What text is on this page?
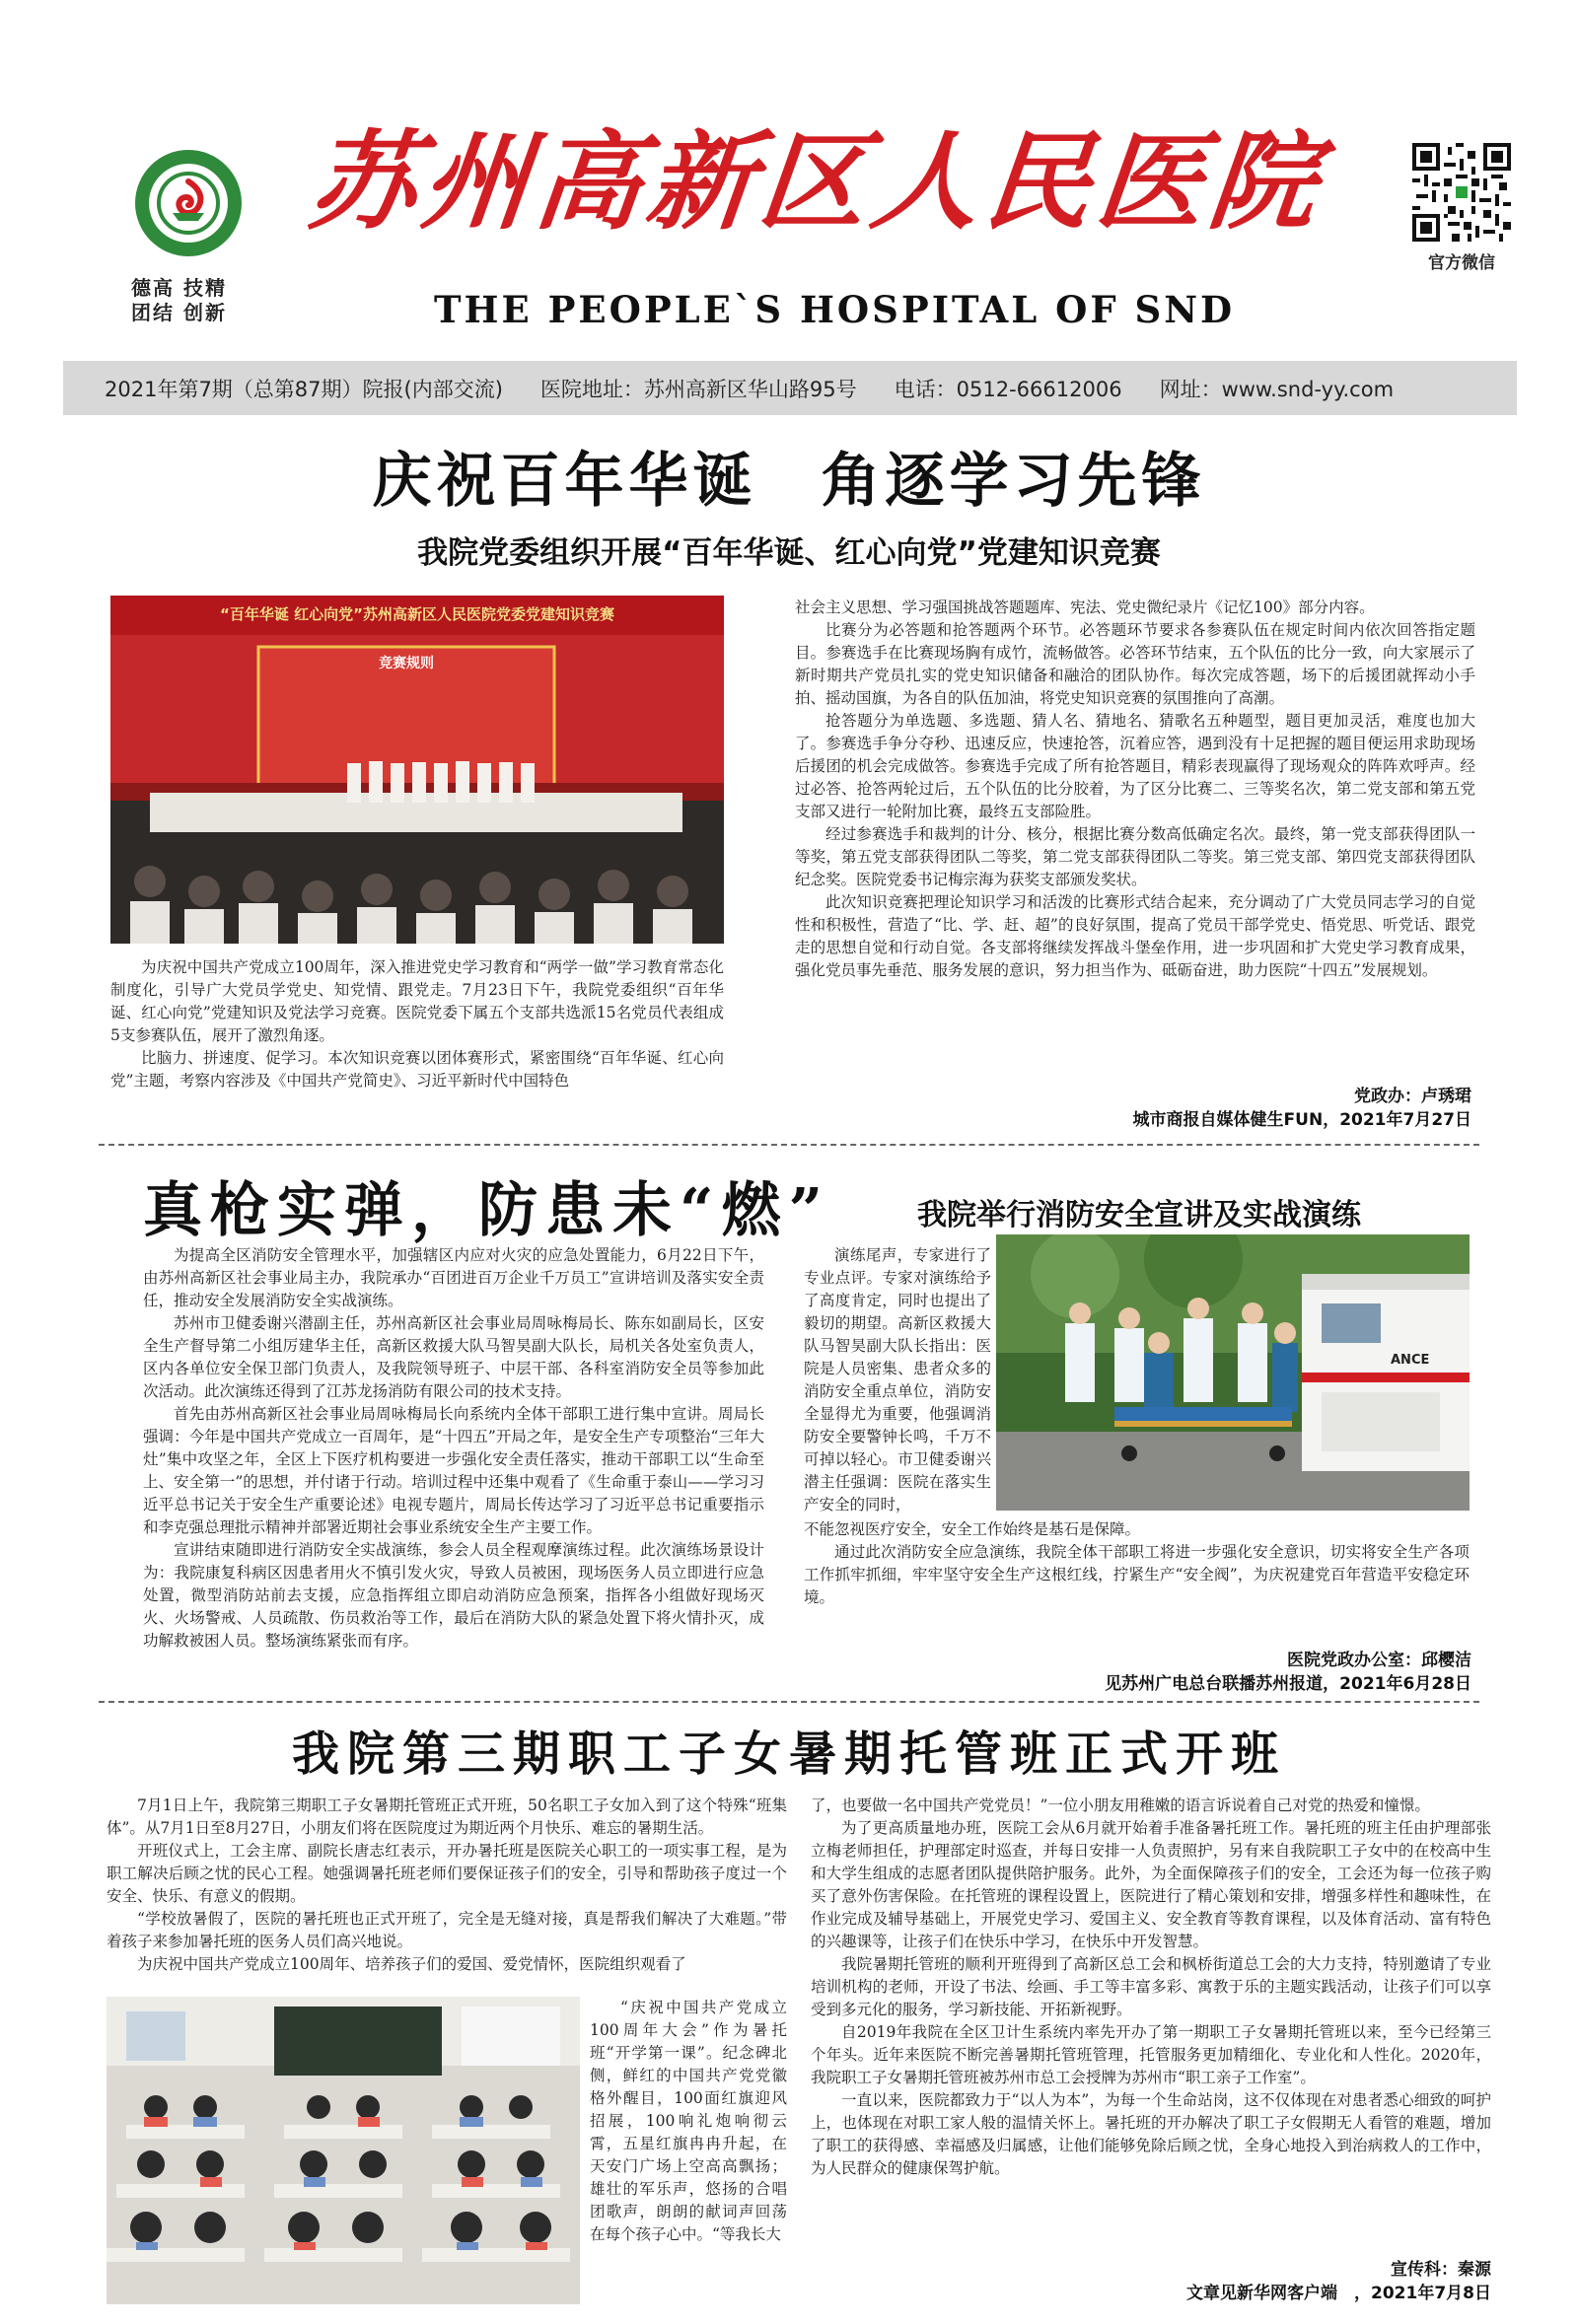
德高 技精
团结 创新
苏州高新区人民医院
THE PEOPLE`S HOSPITAL OF SND
官方微信
2021年第7期（总第87期）院报(内部交流) 医院地址：苏州高新区华山路95号 电话：0512-66612006 网址：www.snd-yy.com
庆祝百年华诞　角逐学习先锋
我院党委组织开展“百年华诞、红心向党”党建知识竞赛
“百年华诞 红心向党”苏州高新区人民医院党委党建知识竞赛
竞赛规则

为庆祝中国共产党成立100周年，深入推进党史学习教育和“两学一做”学习教育常态化制度化，引导广大党员学党史、知党情、跟党走。7月23日下午，我院党委组织“百年华诞、红心向党”党建知识及党法学习竞赛。医院党委下属五个支部共选派15名党员代表组成5支参赛队伍，展开了激烈角逐。

比脑力、拼速度、促学习。本次知识竞赛以团体赛形式，紧密围绕“百年华诞、红心向党”主题，考察内容涉及《中国共产党简史》、习近平新时代中国特色

社会主义思想、学习强国挑战答题题库、宪法、党史微纪录片《记忆100》部分内容。

比赛分为必答题和抢答题两个环节。必答题环节要求各参赛队伍在规定时间内依次回答指定题目。参赛选手在比赛现场胸有成竹，流畅做答。必答环节结束，五个队伍的比分一致，向大家展示了新时期共产党员扎实的党史知识储备和融洽的团队协作。每次完成答题，场下的后援团就挥动小手拍、摇动国旗，为各自的队伍加油，将党史知识竞赛的氛围推向了高潮。

抢答题分为单选题、多选题、猜人名、猜地名、猜歌名五种题型，题目更加灵活，难度也加大了。参赛选手争分夺秒、迅速反应，快速抢答，沉着应答，遇到没有十足把握的题目便运用求助现场后援团的机会完成做答。参赛选手完成了所有抢答题目，精彩表现赢得了现场观众的阵阵欢呼声。经过必答、抢答两轮过后，五个队伍的比分胶着，为了区分比赛二、三等奖名次，第二党支部和第五党支部又进行一轮附加比赛，最终五支部险胜。

经过参赛选手和裁判的计分、核分，根据比赛分数高低确定名次。最终，第一党支部获得团队一等奖，第五党支部获得团队二等奖，第二党支部获得团队二等奖。第三党支部、第四党支部获得团队纪念奖。医院党委书记梅宗海为获奖支部颁发奖状。

此次知识竞赛把理论知识学习和活泼的比赛形式结合起来，充分调动了广大党员同志学习的自觉性和积极性，营造了“比、学、赶、超”的良好氛围，提高了党员干部学党史、悟党思、听党话、跟党走的思想自觉和行动自觉。各支部将继续发挥战斗堡垒作用，进一步巩固和扩大党史学习教育成果，强化党员事先垂范、服务发展的意识，努力担当作为、砥砺奋进，助力医院“十四五”发展规划。

党政办：卢琇珺
城市商报自媒体健生FUN，2021年7月27日
真枪实弹，防患未“燃”	我院举行消防安全宣讲及实战演练

为提高全区消防安全管理水平，加强辖区内应对火灾的应急处置能力，6月22日下午，由苏州高新区社会事业局主办，我院承办“百团进百万企业千万员工”宣讲培训及落实安全责任，推动安全发展消防安全实战演练。

苏州市卫健委谢兴潜副主任，苏州高新区社会事业局周咏梅局长、陈东如副局长，区安全生产督导第二小组厉建华主任，高新区救援大队马智昊副大队长，局机关各处室负责人，区内各单位安全保卫部门负责人，及我院领导班子、中层干部、各科室消防安全员等参加此次活动。此次演练还得到了江苏龙扬消防有限公司的技术支持。

首先由苏州高新区社会事业局周咏梅局长向系统内全体干部职工进行集中宣讲。周局长强调：今年是中国共产党成立一百周年，是“十四五”开局之年，是安全生产专项整治“三年大灶”集中攻坚之年，全区上下医疗机构要进一步强化安全责任落实，推动干部职工以“生命至上、安全第一”的思想，并付诸于行动。培训过程中还集中观看了《生命重于泰山——学习习近平总书记关于安全生产重要论述》电视专题片，周局长传达学习了习近平总书记重要指示和李克强总理批示精神并部署近期社会事业系统安全生产主要工作。

宣讲结束随即进行消防安全实战演练，参会人员全程观摩演练过程。此次演练场景设计为：我院康复科病区因患者用火不慎引发火灾，导致人员被困，现场医务人员立即进行应急处置，微型消防站前去支援，应急指挥组立即启动消防应急预案，指挥各小组做好现场灭火、火场警戒、人员疏散、伤员救治等工作，最后在消防大队的紧急处置下将火情扑灭，成功解救被困人员。整场演练紧张而有序。

演练尾声，专家进行了专业点评。专家对演练给予了高度肯定，同时也提出了毅切的期望。高新区救援大队马智昊副大队长指出：医院是人员密集、患者众多的消防安全重点单位，消防安全显得尤为重要，他强调消防安全要警钟长鸣，千万不可掉以轻心。市卫健委谢兴潜主任强调：医院在落实生产安全的同时，

ANCE

不能忽视医疗安全，安全工作始终是基石是保障。

通过此次消防安全应急演练，我院全体干部职工将进一步强化安全意识，切实将安全生产各项工作抓牢抓细，牢牢坚守安全生产这根红线，拧紧生产“安全阀”，为庆祝建党百年营造平安稳定环境。

医院党政办公室：邱樱洁
见苏州广电总台联播苏州报道，2021年6月28日
我院第三期职工子女暑期托管班正式开班

7月1日上午，我院第三期职工子女暑期托管班正式开班，50名职工子女加入到了这个特殊“班集体”。从7月1日至8月27日，小朋友们将在医院度过为期近两个月快乐、难忘的暑期生活。

开班仪式上，工会主席、副院长唐志红表示，开办暑托班是医院关心职工的一项实事工程，是为职工解决后顾之忧的民心工程。她强调暑托班老师们要保证孩子们的安全，引导和帮助孩子度过一个安全、快乐、有意义的假期。

“学校放暑假了，医院的暑托班也正式开班了，完全是无缝对接，真是帮我们解决了大难题。”带着孩子来参加暑托班的医务人员们高兴地说。

为庆祝中国共产党成立100周年、培养孩子们的爱国、爱党情怀，医院组织观看了

“庆祝中国共产党成立100周年大会”作为暑托班“开学第一课”。纪念碑北侧，鲜红的中国共产党党徽格外醒目，100面红旗迎风招展，100响礼炮响彻云霄，五星红旗冉冉升起，在天安门广场上空高高飘扬；雄壮的军乐声，悠扬的合唱团歌声，朗朗的献词声回荡在每个孩子心中。“等我长大

了，也要做一名中国共产党党员！”一位小朋友用稚嫩的语言诉说着自己对党的热爱和憧憬。

为了更高质量地办班，医院工会从6月就开始着手准备暑托班工作。暑托班的班主任由护理部张立梅老师担任，护理部定时巡查，并每日安排一人负责照护，另有来自我院职工子女中的在校高中生和大学生组成的志愿者团队提供陪护服务。此外，为全面保障孩子们的安全，工会还为每一位孩子购买了意外伤害保险。在托管班的课程设置上，医院进行了精心策划和安排，增强多样性和趣味性，在作业完成及辅导基础上，开展党史学习、爱国主义、安全教育等教育课程，以及体育活动、富有特色的兴趣课等，让孩子们在快乐中学习，在快乐中开发智慧。

我院暑期托管班的顺利开班得到了高新区总工会和枫桥街道总工会的大力支持，特别邀请了专业培训机构的老师，开设了书法、绘画、手工等丰富多彩、寓教于乐的主题实践活动，让孩子们可以享受到多元化的服务，学习新技能、开拓新视野。

自2019年我院在全区卫计生系统内率先开办了第一期职工子女暑期托管班以来，至今已经第三个年头。近年来医院不断完善暑期托管班管理，托管服务更加精细化、专业化和人性化。2020年，我院职工子女暑期托管班被苏州市总工会授牌为苏州市“职工亲子工作室”。

一直以来，医院都致力于“以人为本”，为每一个生命站岗，这不仅体现在对患者悉心细致的呵护上，也体现在对职工家人般的温情关怀上。暑托班的开办解决了职工子女假期无人看管的难题，增加了职工的获得感、幸福感及归属感，让他们能够免除后顾之忧，全身心地投入到治病救人的工作中，为人民群众的健康保驾护航。

宣传科：秦源
文章见新华网客户端　，2021年7月8日
